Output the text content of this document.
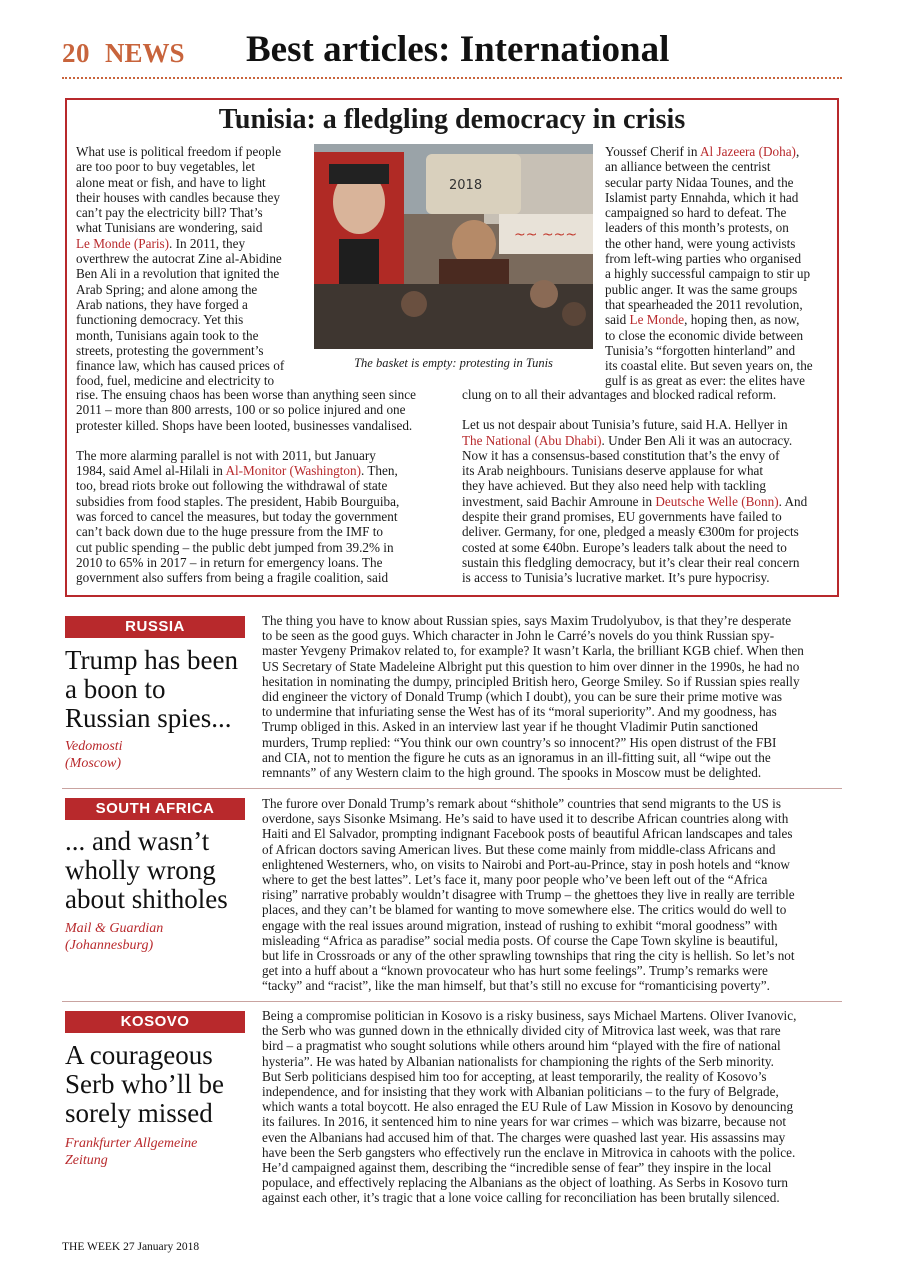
20 NEWS Best articles: International
Tunisia: a fledgling democracy in crisis

What use is political freedom if people

are too poor to buy vegetables, let

alone meat or fish, and have to light

their houses with candles because they

can’t pay the electricity bill? That’s

what Tunisians are wondering, said

Le Monde (Paris). In 2011, they

overthrew the autocrat Zine al-Abidine

Ben Ali in a revolution that ignited the

Arab Spring; and alone among the

Arab nations, they have forged a

functioning democracy. Yet this

month, Tunisians again took to the

streets, protesting the government’s

finance law, which has caused prices of

food, fuel, medicine and electricity to

~~ ~~~
2018
The basket is empty: protesting in Tunis

Youssef Cherif in Al Jazeera (Doha),

an alliance between the centrist

secular party Nidaa Tounes, and the

Islamist party Ennahda, which it had

campaigned so hard to defeat. The

leaders of this month’s protests, on

the other hand, were young activists

from left-wing parties who organised

a highly successful campaign to stir up

public anger. It was the same groups

that spearheaded the 2011 revolution,

said Le Monde, hoping then, as now,

to close the economic divide between

Tunisia’s “forgotten hinterland” and

its coastal elite. But seven years on, the

gulf is as great as ever: the elites have

rise. The ensuing chaos has been worse than anything seen since

2011 – more than 800 arrests, 100 or so police injured and one

protester killed. Shops have been looted, businesses vandalised.

The more alarming parallel is not with 2011, but January

1984, said Amel al-Hilali in Al-Monitor (Washington). Then,

too, bread riots broke out following the withdrawal of state

subsidies from food staples. The president, Habib Bourguiba,

was forced to cancel the measures, but today the government

can’t back down due to the huge pressure from the IMF to

cut public spending – the public debt jumped from 39.2% in

2010 to 65% in 2017 – in return for emergency loans. The

government also suffers from being a fragile coalition, said

clung on to all their advantages and blocked radical reform.

Let us not despair about Tunisia’s future, said H.A. Hellyer in

The National (Abu Dhabi). Under Ben Ali it was an autocracy.

Now it has a consensus-based constitution that’s the envy of

its Arab neighbours. Tunisians deserve applause for what

they have achieved. But they also need help with tackling

investment, said Bachir Amroune in Deutsche Welle (Bonn). And

despite their grand promises, EU governments have failed to

deliver. Germany, for one, pledged a measly €300m for projects

costed at some €40bn. Europe’s leaders talk about the need to

sustain this fledgling democracy, but it’s clear their real concern

is access to Tunisia’s lucrative market. It’s pure hypocrisy.

RUSSIA
Trump has been a boon to Russian spies...
Vedomosti (Moscow)
The thing you have to know about Russian spies, says Maxim Trudolyubov, is that they’re desperate
to be seen as the good guys. Which character in John le Carré’s novels do you think Russian spy-
master Yevgeny Primakov related to, for example? It wasn’t Karla, the brilliant KGB chief. When then
US Secretary of State Madeleine Albright put this question to him over dinner in the 1990s, he had no
hesitation in nominating the dumpy, principled British hero, George Smiley. So if Russian spies really
did engineer the victory of Donald Trump (which I doubt), you can be sure their prime motive was
to undermine that infuriating sense the West has of its “moral superiority”. And my goodness, has
Trump obliged in this. Asked in an interview last year if he thought Vladimir Putin sanctioned
murders, Trump replied: “You think our own country’s so innocent?” His open distrust of the FBI
and CIA, not to mention the figure he cuts as an ignoramus in an ill-fitting suit, all “wipe out the
remnants” of any Western claim to the high ground. The spooks in Moscow must be delighted.
SOUTH AFRICA
... and wasn’t wholly wrong about shitholes
Mail & Guardian (Johannesburg)
The furore over Donald Trump’s remark about “shithole” countries that send migrants to the US is
overdone, says Sisonke Msimang. He’s said to have used it to describe African countries along with
Haiti and El Salvador, prompting indignant Facebook posts of beautiful African landscapes and tales
of African doctors saving American lives. But these come mainly from middle-class Africans and
enlightened Westerners, who, on visits to Nairobi and Port-au-Prince, stay in posh hotels and “know
where to get the best lattes”. Let’s face it, many poor people who’ve been left out of the “Africa
rising” narrative probably wouldn’t disagree with Trump – the ghettoes they live in really are terrible
places, and they can’t be blamed for wanting to move somewhere else. The critics would do well to
engage with the real issues around migration, instead of rushing to exhibit “moral goodness” with
misleading “Africa as paradise” social media posts. Of course the Cape Town skyline is beautiful,
but life in Crossroads or any of the other sprawling townships that ring the city is hellish. So let’s not
get into a huff about a “known provocateur who has hurt some feelings”. Trump’s remarks were
“tacky” and “racist”, like the man himself, but that’s still no excuse for “romanticising poverty”.
KOSOVO
A courageous Serb who’ll be sorely missed
Frankfurter Allgemeine Zeitung
Being a compromise politician in Kosovo is a risky business, says Michael Martens. Oliver Ivanovic,
the Serb who was gunned down in the ethnically divided city of Mitrovica last week, was that rare
bird – a pragmatist who sought solutions while others around him “played with the fire of national
hysteria”. He was hated by Albanian nationalists for championing the rights of the Serb minority.
But Serb politicians despised him too for accepting, at least temporarily, the reality of Kosovo’s
independence, and for insisting that they work with Albanian politicians – to the fury of Belgrade,
which wants a total boycott. He also enraged the EU Rule of Law Mission in Kosovo by denouncing
its failures. In 2016, it sentenced him to nine years for war crimes – which was bizarre, because not
even the Albanians had accused him of that. The charges were quashed last year. His assassins may
have been the Serb gangsters who effectively run the enclave in Mitrovica in cahoots with the police.
He’d campaigned against them, describing the “incredible sense of fear” they inspire in the local
populace, and effectively replacing the Albanians as the object of loathing. As Serbs in Kosovo turn
against each other, it’s tragic that a lone voice calling for reconciliation has been brutally silenced.
THE WEEK 27 January 2018
